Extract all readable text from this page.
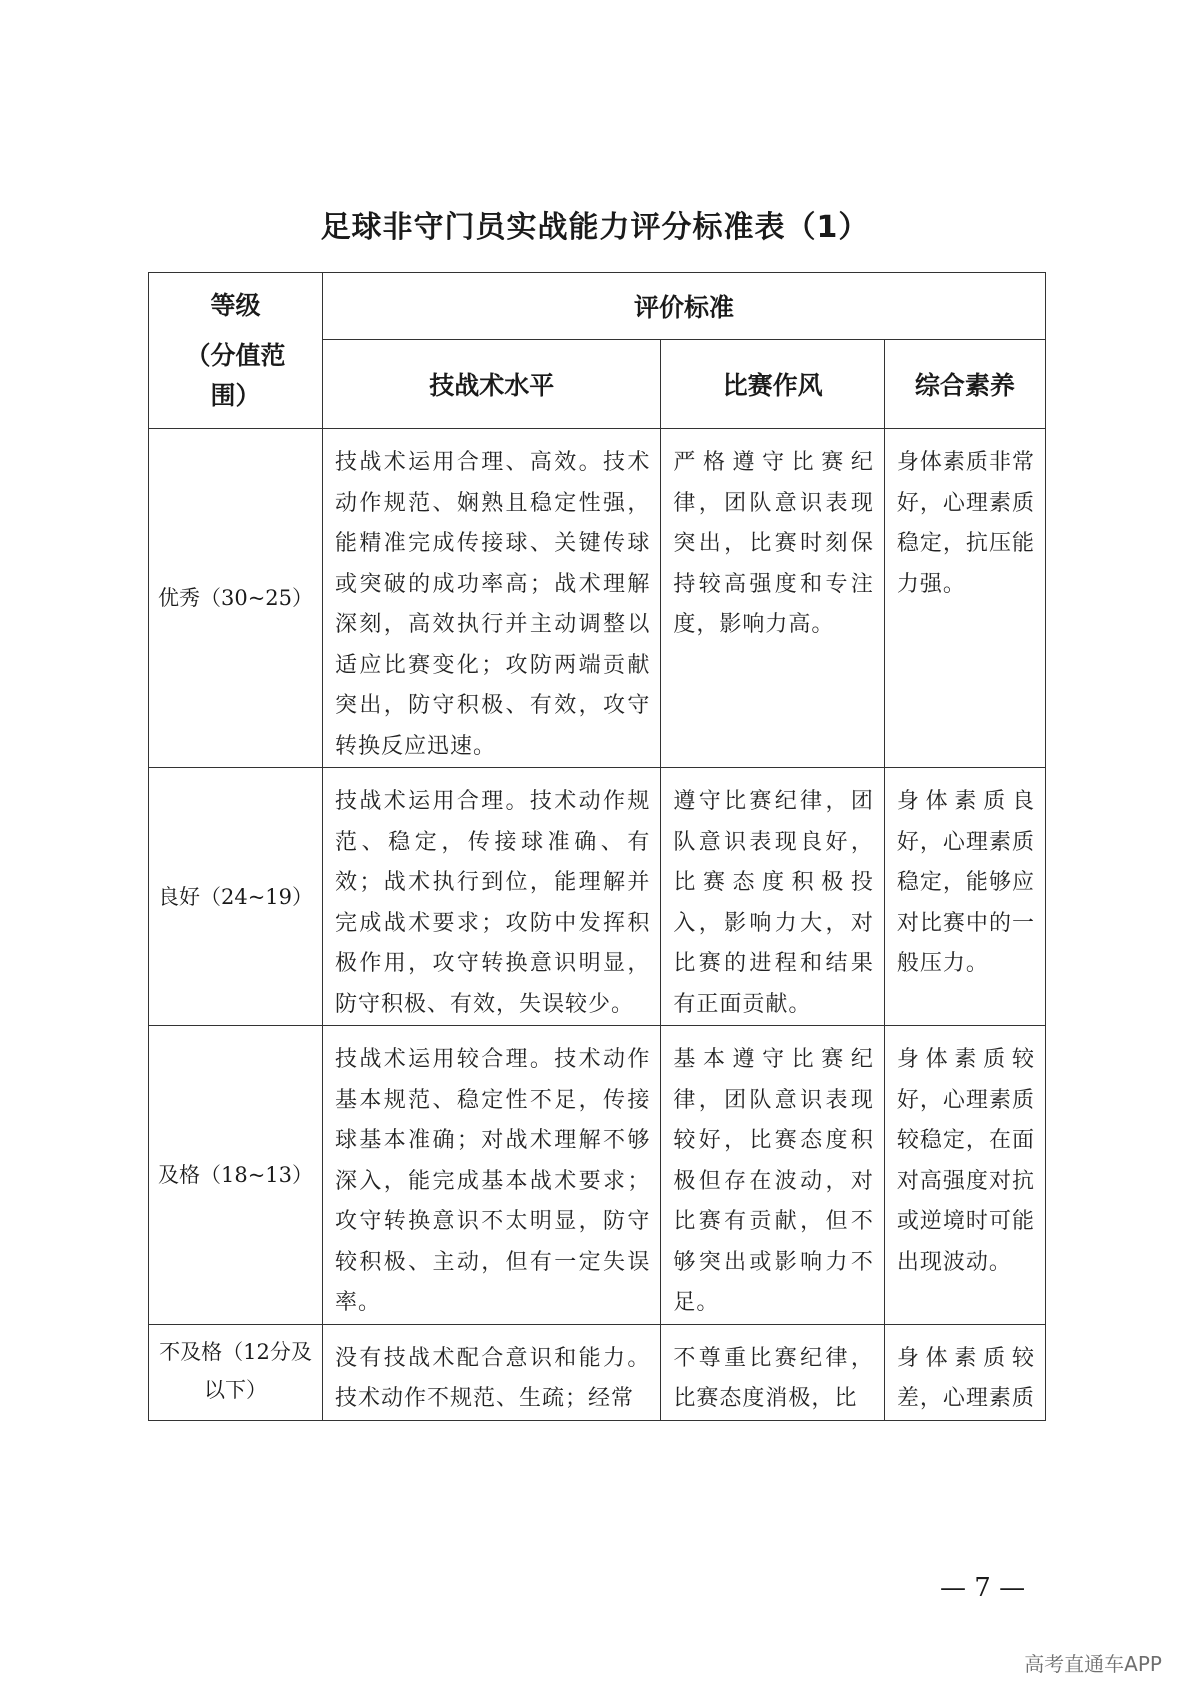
足球非守门员实战能力评分标准表（1）
等级
（分值范
围）	评价标准		
	技战术水平	比赛作风	综合素养
优秀（30~25）	技战术运用合理、高效。技术动作规范、娴熟且稳定性强，能精准完成传接球、关键传球或突破的成功率高；战术理解深刻，高效执行并主动调整以适应比赛变化；攻防两端贡献突出，防守积极、有效，攻守转换反应迅速。	严格遵守比赛纪律，团队意识表现突出，比赛时刻保持较高强度和专注度，影响力高。	身体素质非常好，心理素质稳定，抗压能力强。
良好（24~19）	技战术运用合理。技术动作规范、稳定，传接球准确、有效；战术执行到位，能理解并完成战术要求；攻防中发挥积极作用，攻守转换意识明显，防守积极、有效，失误较少。	遵守比赛纪律，团队意识表现良好，比赛态度积极投入，影响力大，对比赛的进程和结果有正面贡献。	身体素质良好，心理素质稳定，能够应对比赛中的一般压力。
及格（18~13）	技战术运用较合理。技术动作基本规范、稳定性不足，传接球基本准确；对战术理解不够深入，能完成基本战术要求；攻守转换意识不太明显，防守较积极、主动，但有一定失误率。	基本遵守比赛纪律，团队意识表现较好，比赛态度积极但存在波动，对比赛有贡献，但不够突出或影响力不足。	身体素质较好，心理素质较稳定，在面对高强度对抗或逆境时可能出现波动。
不及格（12分及以下）	没有技战术配合意识和能力。技术动作不规范、生疏；经常	不尊重比赛纪律，比赛态度消极，比	身体素质较差，心理素质
— 7 —
高考直通车APP
